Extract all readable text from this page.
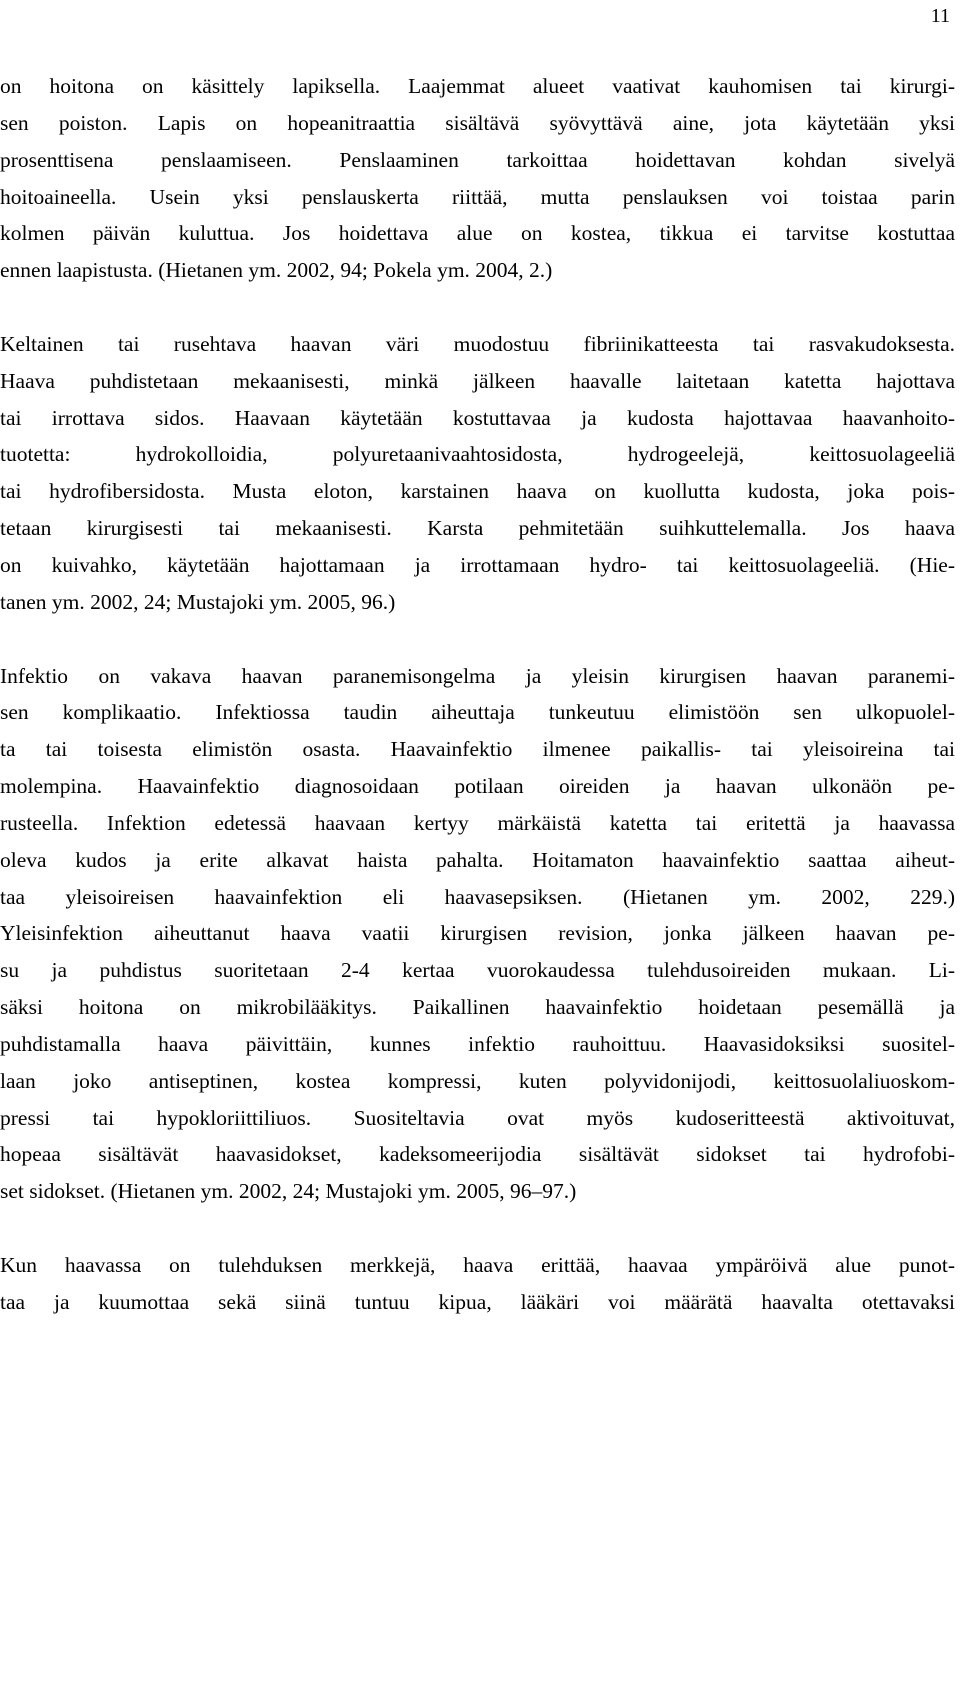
11
on hoitona on käsittely lapiksella. Laajemmat alueet vaativat kauhomisen tai kirurgi-
sen poiston. Lapis on hopeanitraattia sisältävä syövyttävä aine, jota käytetään yksi
prosenttisena penslaamiseen. Penslaaminen tarkoittaa hoidettavan kohdan sivelyä
hoitoaineella. Usein yksi penslauskerta riittää, mutta penslauksen voi toistaa parin
kolmen päivän kuluttua. Jos hoidettava alue on kostea, tikkua ei tarvitse kostuttaa
ennen laapistusta. (Hietanen ym. 2002, 94; Pokela ym. 2004, 2.)
Keltainen tai rusehtava haavan väri muodostuu fibriinikatteesta tai rasvakudoksesta.
Haava puhdistetaan mekaanisesti, minkä jälkeen haavalle laitetaan katetta hajottava
tai irrottava sidos. Haavaan käytetään kostuttavaa ja kudosta hajottavaa haavanhoito-
tuotetta: hydrokolloidia, polyuretaanivaahtosidosta, hydrogeelejä, keittosuolageeliä
tai hydrofibersidosta. Musta eloton, karstainen haava on kuollutta kudosta, joka pois-
tetaan kirurgisesti tai mekaanisesti. Karsta pehmitetään suihkuttelemalla. Jos haava
on kuivahko, käytetään hajottamaan ja irrottamaan hydro- tai keittosuolageeliä. (Hie-
tanen ym. 2002, 24; Mustajoki ym. 2005, 96.)
Infektio on vakava haavan paranemisongelma ja yleisin kirurgisen haavan paranemi-
sen komplikaatio. Infektiossa taudin aiheuttaja tunkeutuu elimistöön sen ulkopuolel-
ta tai toisesta elimistön osasta. Haavainfektio ilmenee paikallis- tai yleisoireina tai
molempina. Haavainfektio diagnosoidaan potilaan oireiden ja haavan ulkonäön pe-
rusteella. Infektion edetessä haavaan kertyy märkäistä katetta tai eritettä ja haavassa
oleva kudos ja erite alkavat haista pahalta. Hoitamaton haavainfektio saattaa aiheut-
taa yleisoireisen haavainfektion eli haavasepsiksen. (Hietanen ym. 2002, 229.)
Yleisinfektion aiheuttanut haava vaatii kirurgisen revision, jonka jälkeen haavan pe-
su ja puhdistus suoritetaan 2-4 kertaa vuorokaudessa tulehdusoireiden mukaan. Li-
säksi hoitona on mikrobilääkitys. Paikallinen haavainfektio hoidetaan pesemällä ja
puhdistamalla haava päivittäin, kunnes infektio rauhoittuu. Haavasidoksiksi suositel-
laan joko antiseptinen, kostea kompressi, kuten polyvidonijodi, keittosuolaliuoskom-
pressi tai hypokloriittiliuos. Suositeltavia ovat myös kudoseritteestä aktivoituvat,
hopeaa sisältävät haavasidokset, kadeksomeerijodia sisältävät sidokset tai hydrofobi-
set sidokset. (Hietanen ym. 2002, 24; Mustajoki ym. 2005, 96–97.)
Kun haavassa on tulehduksen merkkejä, haava erittää, haavaa ympäröivä alue punot-
taa ja kuumottaa sekä siinä tuntuu kipua, lääkäri voi määrätä haavalta otettavaksi
